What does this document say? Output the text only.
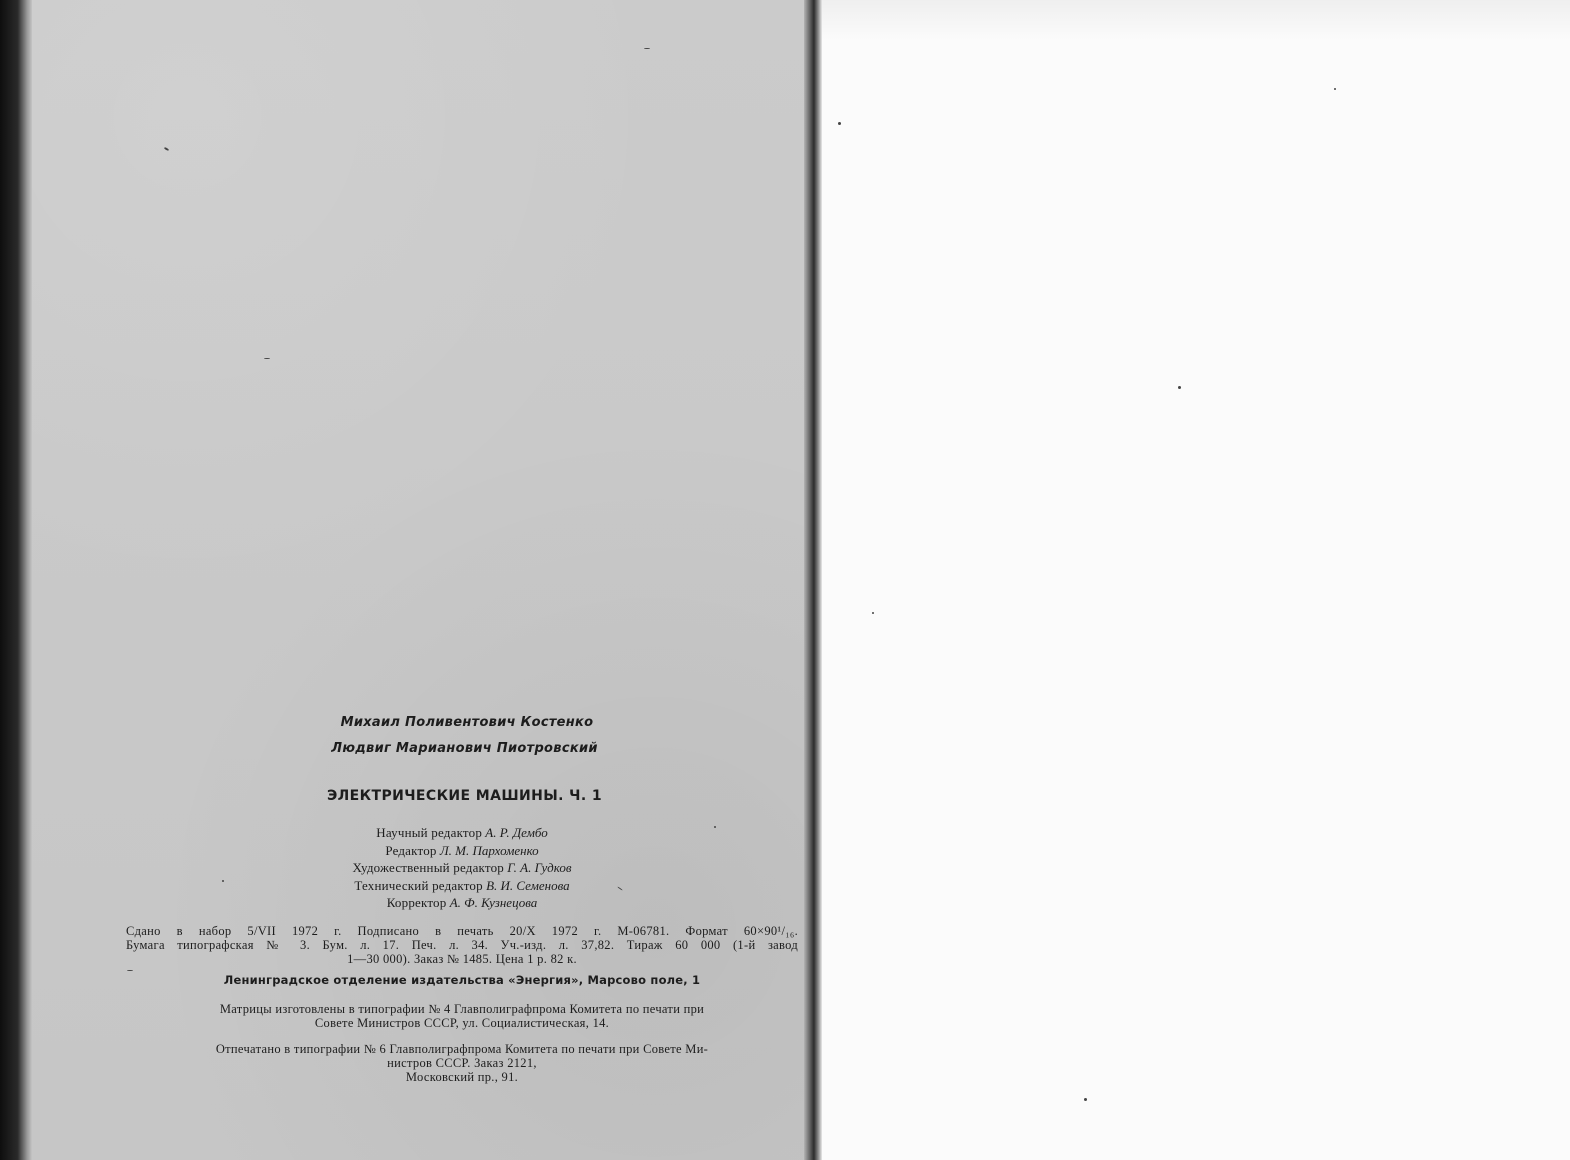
Михаил Поливентович Костенко
Людвиг Марианович Пиотровский
ЭЛЕКТРИЧЕСКИЕ МАШИНЫ. Ч. 1
Научный редактор А. Р. Дембо
Редактор Л. М. Пархоменко
Художественный редактор Г. А. Гудков
Технический редактор В. И. Семенова
Корректор А. Ф. Кузнецова
Сдано в набор 5/VII 1972 г. Подписано в печать 20/X 1972 г. М-06781. Формат 60×90¹/₁₆.
Бумага типографская № 3. Бум. л. 17. Печ. л. 34. Уч.-изд. л. 37,82. Тираж 60 000 (1-й завод
1—30 000). Заказ № 1485. Цена 1 р. 82 к.
Ленинградское отделение издательства «Энергия», Марсово поле, 1
Матрицы изготовлены в типографии № 4 Главполиграфпрома Комитета по печати при
Совете Министров СССР, ул. Социалистическая, 14.
Отпечатано в типографии № 6 Главполиграфпрома Комитета по печати при Совете Ми-
нистров СССР. Заказ 2121,
Московский пр., 91.
